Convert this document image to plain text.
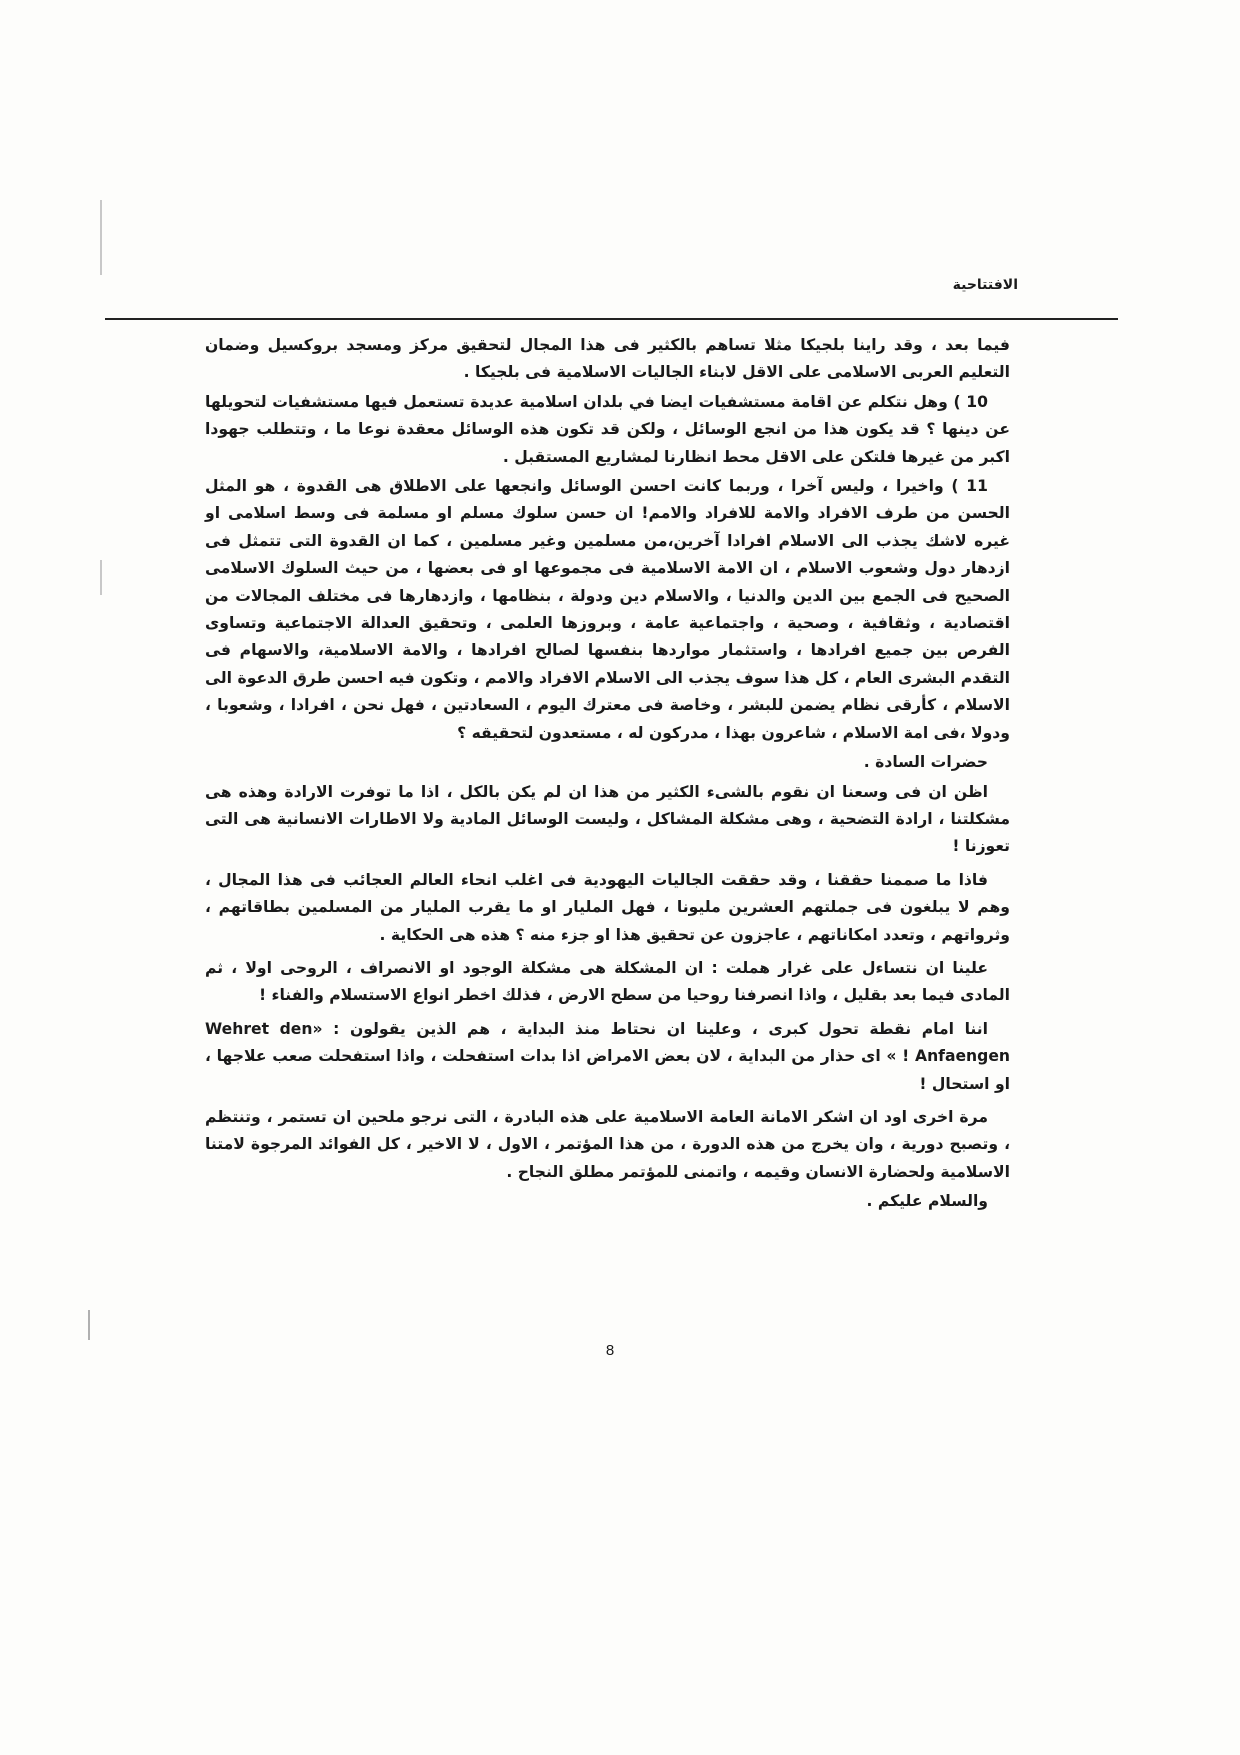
الافتتاحية

فيما بعد ، وقد راينا بلجيكا مثلا تساهم بالكثير فى هذا المجال لتحقيق مركز ومسجد بروكسيل وضمان التعليم العربى الاسلامى على الاقل لابناء الجاليات الاسلامية فى بلجيكا .

10 ) وهل نتكلم عن اقامة مستشفيات ايضا في بلدان اسلامية عديدة تستعمل فيها مستشفيات لتحويلها عن دينها ؟ قد يكون هذا من انجع الوسائل ، ولكن قد تكون هذه الوسائل معقدة نوعا ما ، وتتطلب جهودا اكبر من غيرها فلتكن على الاقل محط انظارنا لمشاريع المستقبل .

11 ) واخيرا ، وليس آخرا ، وربما كانت احسن الوسائل وانجعها على الاطلاق هى القدوة ، هو المثل الحسن من طرف الافراد والامة للافراد والامم! ان حسن سلوك مسلم او مسلمة فى وسط اسلامى او غيره لاشك يجذب الى الاسلام افرادا آخرين،من مسلمين وغير مسلمين ، كما ان القدوة التى تتمثل فى ازدهار دول وشعوب الاسلام ، ان الامة الاسلامية فى مجموعها او فى بعضها ، من حيث السلوك الاسلامى الصحيح فى الجمع بين الدين والدنيا ، والاسلام دين ودولة ، بنظامها ، وازدهارها فى مختلف المجالات من اقتصادية ، وثقافية ، وصحية ، واجتماعية عامة ، وبروزها العلمى ، وتحقيق العدالة الاجتماعية وتساوى الفرص بين جميع افرادها ، واستثمار مواردها بنفسها لصالح افرادها ، والامة الاسلامية، والاسهام فى التقدم البشرى العام ، كل هذا سوف يجذب الى الاسلام الافراد والامم ، وتكون فيه احسن طرق الدعوة الى الاسلام ، كأرقى نظام يضمن للبشر ، وخاصة فى معترك اليوم ، السعادتين ، فهل نحن ، افرادا ، وشعوبا ، ودولا ،فى امة الاسلام ، شاعرون بهذا ، مدركون له ، مستعدون لتحقيقه ؟

حضرات السادة .

اظن ان فى وسعنا ان نقوم بالشىء الكثير من هذا ان لم يكن بالكل ، اذا ما توفرت الارادة وهذه هى مشكلتنا ، ارادة التضحية ، وهى مشكلة المشاكل ، وليست الوسائل المادية ولا الاطارات الانسانية هى التى تعوزنا !

فاذا ما صممنا حققنا ، وقد حققت الجاليات اليهودية فى اغلب انحاء العالم العجائب فى هذا المجال ، وهم لا يبلغون فى جملتهم العشرين مليونا ، فهل المليار او ما يقرب المليار من المسلمين بطاقاتهم ، وثرواتهم ، وتعدد امكاناتهم ، عاجزون عن تحقيق هذا او جزء منه ؟ هذه هى الحكاية .

علينا ان نتساءل على غرار هملت : ان المشكلة هى مشكلة الوجود او الانصراف ، الروحى اولا ، ثم المادى فيما بعد بقليل ، واذا انصرفنا روحيا من سطح الارض ، فذلك اخطر انواع الاستسلام والفناء !

اننا امام نقطة تحول كبرى ، وعلينا ان نحتاط منذ البداية ، هم الذين يقولون : «Wehret den Anfaengen ! » اى حذار من البداية ، لان بعض الامراض اذا بدات استفحلت ، واذا استفحلت صعب علاجها ، او استحال !

مرة اخرى اود ان اشكر الامانة العامة الاسلامية على هذه البادرة ، التى نرجو ملحين ان تستمر ، وتنتظم ، وتصبح دورية ، وان يخرج من هذه الدورة ، من هذا المؤتمر ، الاول ، لا الاخير ، كل الفوائد المرجوة لامتنا الاسلامية ولحضارة الانسان وقيمه ، واتمنى للمؤتمر مطلق النجاح .

والسلام عليكم .

8
